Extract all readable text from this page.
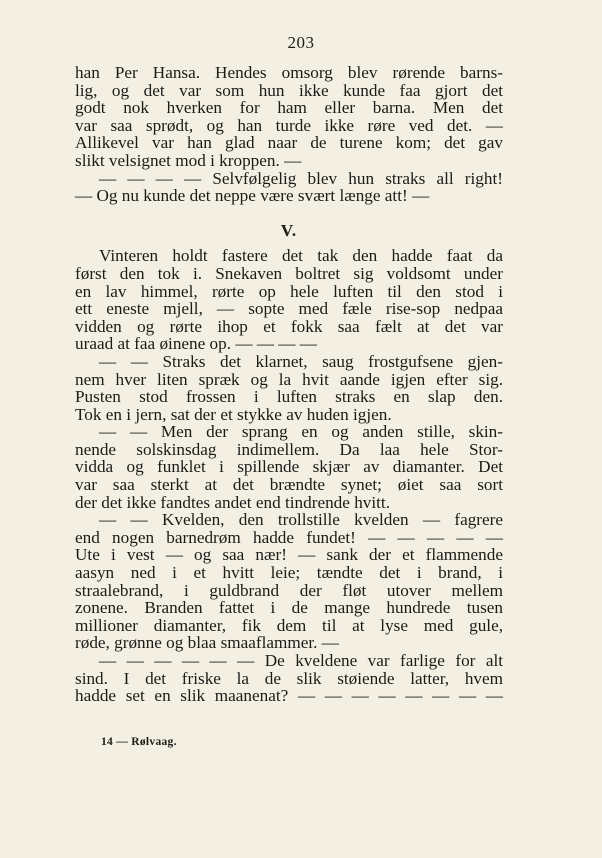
203
han Per Hansa. Hendes omsorg blev rørende barns-
lig, og det var som hun ikke kunde faa gjort det
godt nok hverken for ham eller barna. Men det
var saa sprødt, og han turde ikke røre ved det. —
Allikevel var han glad naar de turene kom; det gav
slikt velsignet mod i kroppen. —
— — — — Selvfølgelig blev hun straks all right!
— Og nu kunde det neppe være svært længe att! —
V.
Vinteren holdt fastere det tak den hadde faat da
først den tok i. Snekaven boltret sig voldsomt under
en lav himmel, rørte op hele luften til den stod i
ett eneste mjell, — sopte med fæle rise-sop nedpaa
vidden og rørte ihop et fokk saa fælt at det var
uraad at faa øinene op. — — — —
— — Straks det klarnet, saug frostgufsene gjen-
nem hver liten spræk og la hvit aande igjen efter sig.
Pusten stod frossen i luften straks en slap den.
Tok en i jern, sat der et stykke av huden igjen.
— — Men der sprang en og anden stille, skin-
nende solskinsdag indimellem. Da laa hele Stor-
vidda og funklet i spillende skjær av diamanter. Det
var saa sterkt at det brændte synet; øiet saa sort
der det ikke fandtes andet end tindrende hvitt.
— — Kvelden, den trollstille kvelden — fagrere
end nogen barnedrøm hadde fundet! — — — — —
Ute i vest — og saa nær! — sank der et flammende
aasyn ned i et hvitt leie; tændte det i brand, i
straalebrand, i guldbrand der fløt utover mellem
zonene. Branden fattet i de mange hundrede tusen
millioner diamanter, fik dem til at lyse med gule,
røde, grønne og blaa smaaflammer. —
— — — — — — De kveldene var farlige for alt
sind. I det friske la de slik støiende latter, hvem
hadde set en slik maanenat? — — — — — — — —
14 — Rølvaag.
